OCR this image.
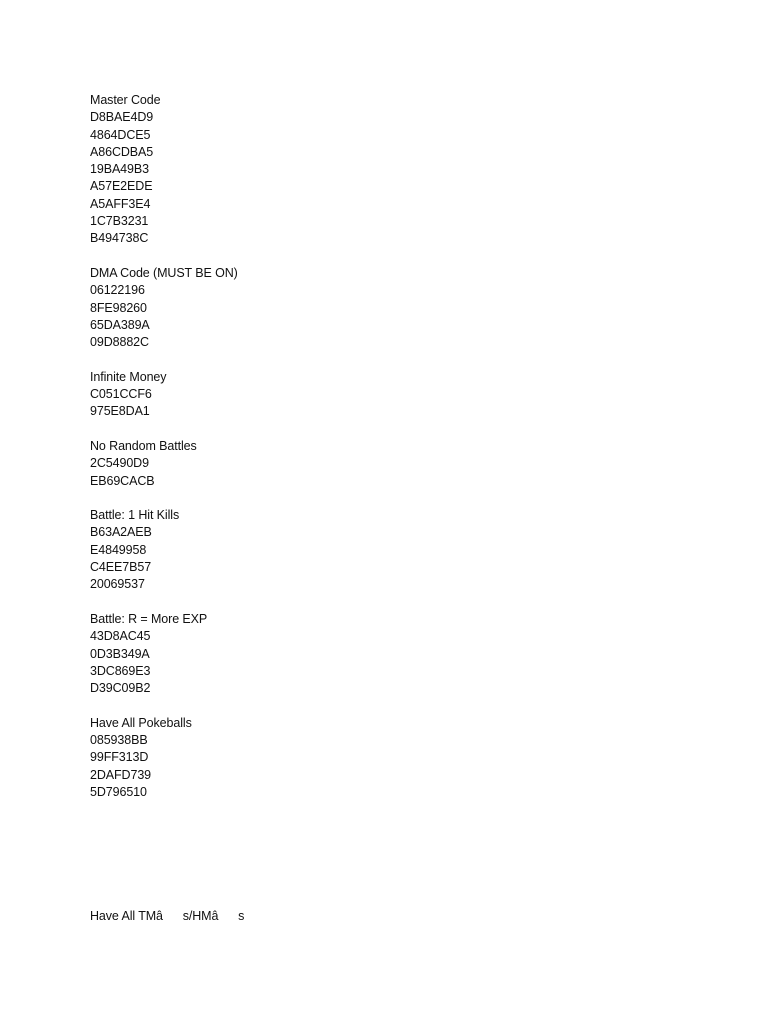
Master Code
D8BAE4D9
4864DCE5
A86CDBA5
19BA49B3
A57E2EDE
A5AFF3E4
1C7B3231
B494738C
DMA Code (MUST BE ON)
06122196
8FE98260
65DA389A
09D8882C
Infinite Money
C051CCF6
975E8DA1
No Random Battles
2C5490D9
EB69CACB
Battle: 1 Hit Kills
B63A2AEB
E4849958
C4EE7B57
20069537
Battle: R = More EXP
43D8AC45
0D3B349A
3DC869E3
D39C09B2
Have All Pokeballs
085938BB
99FF313D
2DAFD739
5D796510
Have All TMâs/HMâs
